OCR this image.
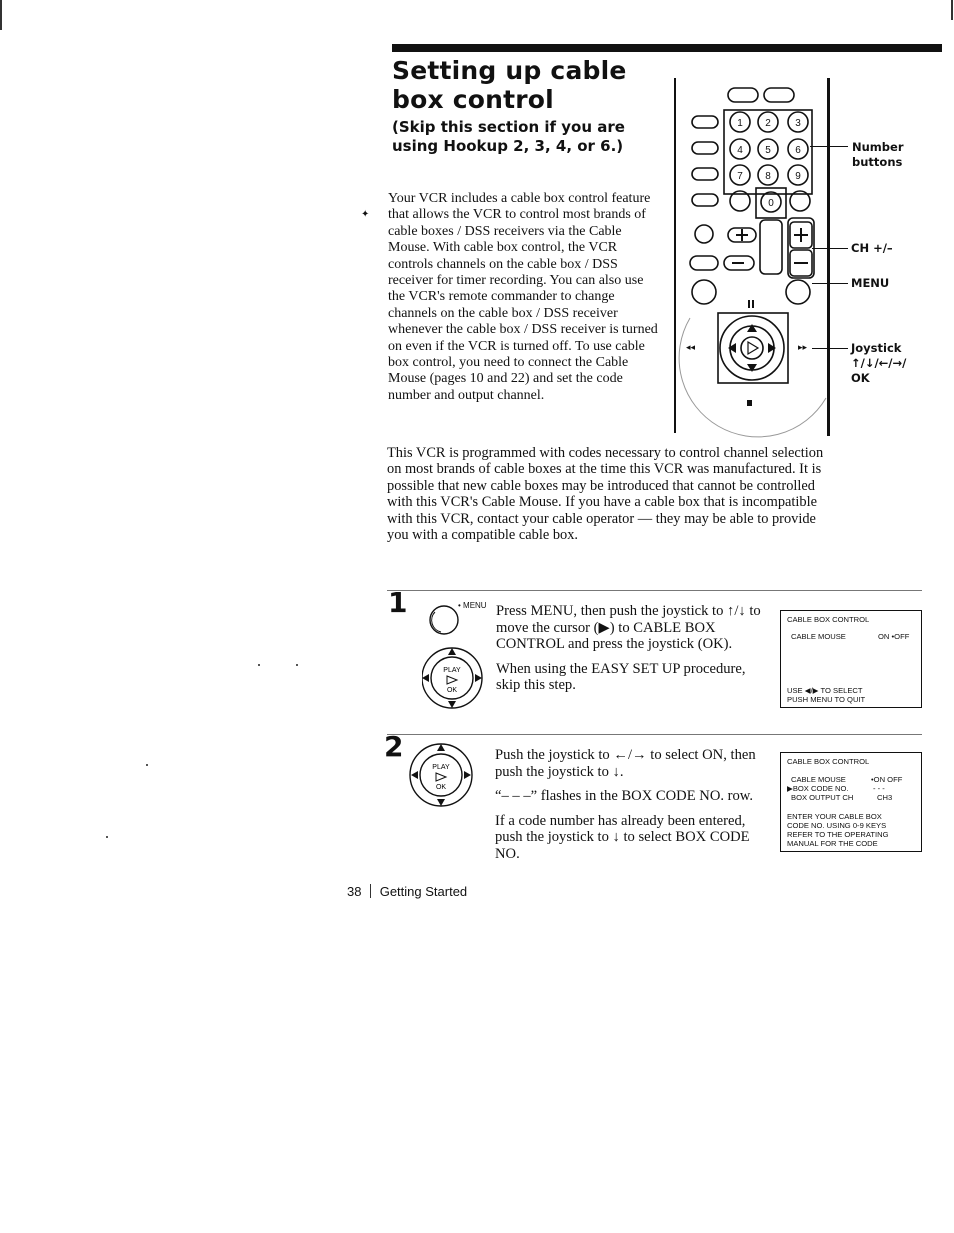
Setting up cable box control
(Skip this section if you are using Hookup 2, 3, 4, or 6.)
✦
Your VCR includes a cable box control feature that allows the VCR to control most brands of cable boxes / DSS receivers via the Cable Mouse. With cable box control, the VCR controls channels on the cable box / DSS receiver for timer recording. You can also use the VCR's remote commander to change channels on the cable box / DSS receiver whenever the cable box / DSS receiver is turned on even if the VCR is turned off. To use cable box control, you need to connect the Cable Mouse (pages 10 and 22) and set the code number and output channel.
1 2 3
4 5 6
7 8 9
0
◂◂	▸▸
Number buttons
CH +/–
MENU
Joystick
↑/↓/←/→/
OK
This VCR is programmed with codes necessary to control channel selection on most brands of cable boxes at the time this VCR was manufactured. It is possible that new cable boxes may be introduced that cannot be controlled with this VCR's Cable Mouse. If you have a cable box that is incompatible with this VCR, contact your cable operator — they may be able to provide you with a compatible cable box.
1
PLAY
OK
• MENU Press MENU, then push the joystick to ↑/↓ to move the cursor (▶) to CABLE BOX CONTROL and press the joystick (OK).

When using the EASY SET UP procedure, skip this step.

CABLE BOX CONTROL
CABLE MOUSE	ON •OFF
USE ◀/▶ TO SELECT
PUSH MENU TO QUIT
2
PLAY
OK

Push the joystick to ←/→ to select ON, then push the joystick to ↓.

“– – –” flashes in the BOX CODE NO. row.

If a code number has already been entered, push the joystick to ↓ to select BOX CODE NO.

CABLE BOX CONTROL
CABLE MOUSE	•ON OFF
▶BOX CODE NO.	- - -
BOX OUTPUT CH	CH3
ENTER YOUR CABLE BOX
CODE NO. USING 0-9 KEYS
REFER TO THE OPERATING
MANUAL FOR THE CODE
38 Getting Started
